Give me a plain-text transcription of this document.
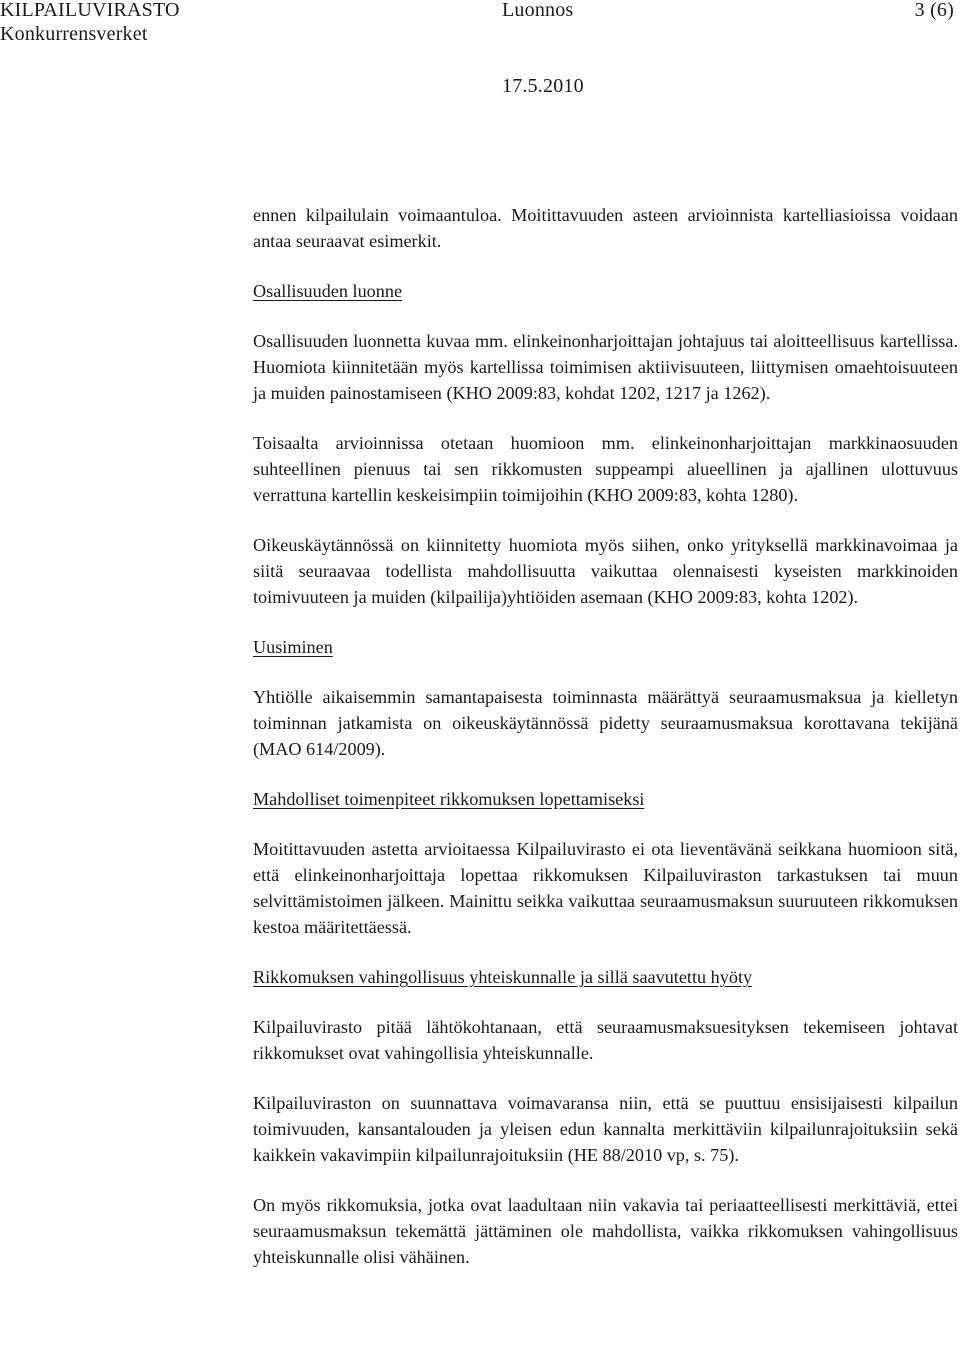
KILPAILUVIRASTO
Konkurrensverket
Luonnos	3 (6)
17.5.2010

ennen kilpailulain voimaantuloa. Moitittavuuden asteen arvioinnista kartelliasioissa voidaan antaa seuraavat esimerkit.

Osallisuuden luonne

Osallisuuden luonnetta kuvaa mm. elinkeinonharjoittajan johtajuus tai aloitteellisuus kartellissa. Huomiota kiinnitetään myös kartellissa toimimisen aktiivisuuteen, liittymisen omaehtoisuuteen ja muiden painostamiseen (KHO 2009:83, kohdat 1202, 1217 ja 1262).

Toisaalta arvioinnissa otetaan huomioon mm. elinkeinonharjoittajan markkinaosuuden suhteellinen pienuus tai sen rikkomusten suppeampi alueellinen ja ajallinen ulottuvuus verrattuna kartellin keskeisimpiin toimijoihin (KHO 2009:83, kohta 1280).

Oikeuskäytännössä on kiinnitetty huomiota myös siihen, onko yrityksellä markkinavoimaa ja siitä seuraavaa todellista mahdollisuutta vaikuttaa olennaisesti kyseisten markkinoiden toimivuuteen ja muiden (kilpailija)yhtiöiden asemaan (KHO 2009:83, kohta 1202).

Uusiminen

Yhtiölle aikaisemmin samantapaisesta toiminnasta määrättyä seuraamusmaksua ja kielletyn toiminnan jatkamista on oikeuskäytännössä pidetty seuraamusmaksua korottavana tekijänä (MAO 614/2009).

Mahdolliset toimenpiteet rikkomuksen lopettamiseksi

Moitittavuuden astetta arvioitaessa Kilpailuvirasto ei ota lieventävänä seikkana huomioon sitä, että elinkeinonharjoittaja lopettaa rikkomuksen Kilpailuviraston tarkastuksen tai muun selvittämistoimen jälkeen. Mainittu seikka vaikuttaa seuraamusmaksun suuruuteen rikkomuksen kestoa määritettäessä.

Rikkomuksen vahingollisuus yhteiskunnalle ja sillä saavutettu hyöty

Kilpailuvirasto pitää lähtökohtanaan, että seuraamusmaksuesityksen tekemiseen johtavat rikkomukset ovat vahingollisia yhteiskunnalle.

Kilpailuviraston on suunnattava voimavaransa niin, että se puuttuu ensisijaisesti kilpailun toimivuuden, kansantalouden ja yleisen edun kannalta merkittäviin kilpailunrajoituksiin sekä kaikkein vakavimpiin kilpailunrajoituksiin (HE 88/2010 vp, s. 75).

On myös rikkomuksia, jotka ovat laadultaan niin vakavia tai periaatteellisesti merkittäviä, ettei seuraamusmaksun tekemättä jättäminen ole mahdollista, vaikka rikkomuksen vahingollisuus yhteiskunnalle olisi vähäinen.
